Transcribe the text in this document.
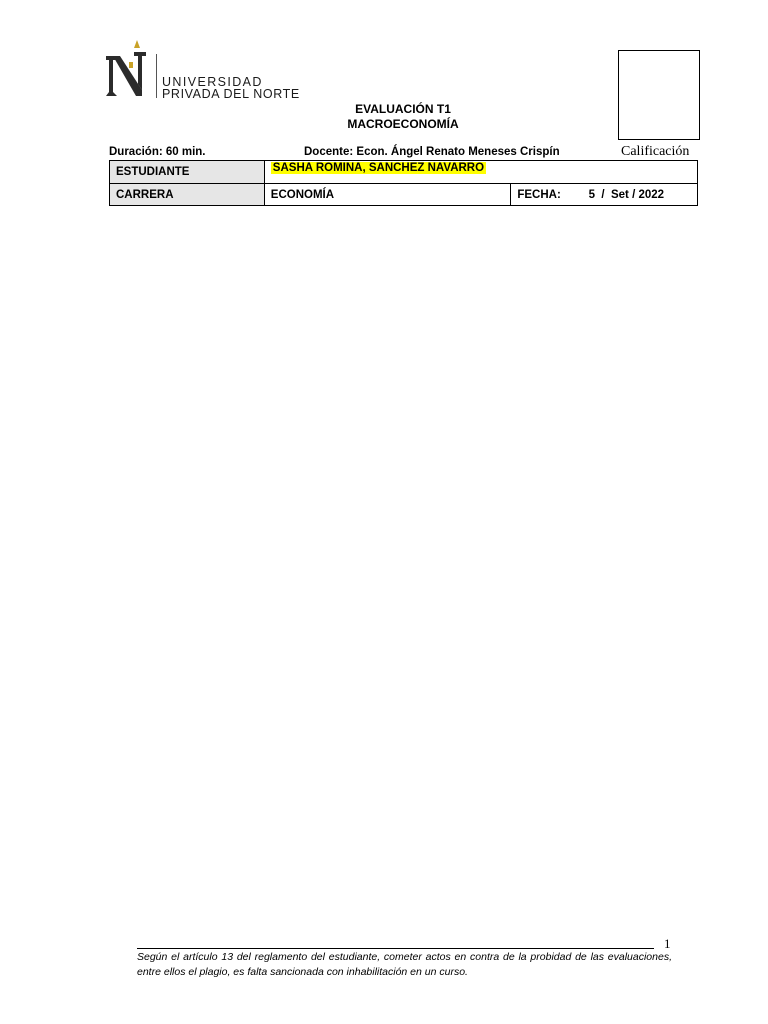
UNIVERSIDAD
PRIVADA DEL NORTE
Calificación
EVALUACIÓN T1
MACROECONOMÍA
Duración: 60 min.	Docente: Econ. Ángel Renato Meneses Crispín
ESTUDIANTE	SASHA ROMINA, SANCHEZ NAVARRO		
CARRERA	ECONOMÍA	FECHA:	5  /  Set / 2022
1
Según el artículo 13 del reglamento del estudiante, cometer actos en contra de la probidad de las evaluaciones, entre ellos el plagio, es falta sancionada con inhabilitación en un curso.
